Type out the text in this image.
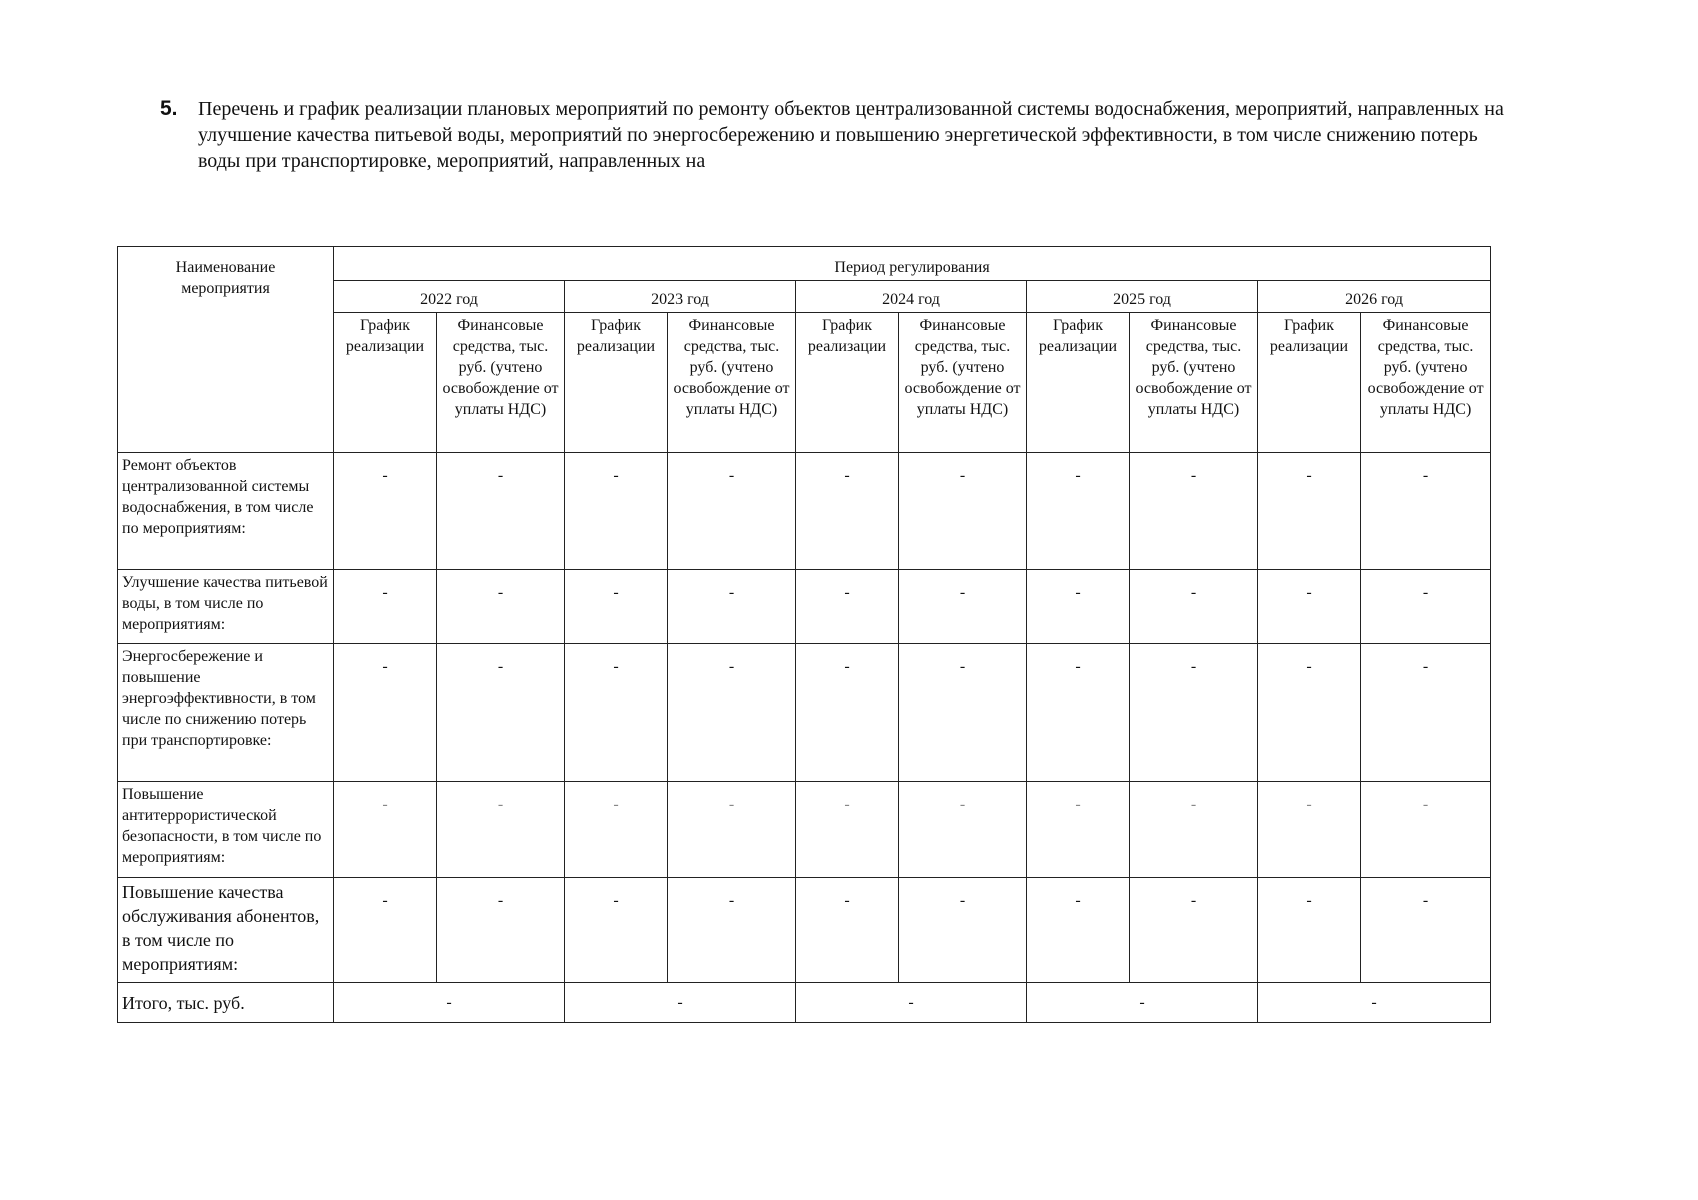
5.	Перечень и график реализации плановых мероприятий по ремонту объектов централизованной системы водоснабжения, мероприятий, направленных на улучшение качества питьевой воды, мероприятий по энергосбережению и повышению энергетической эффективности, в том числе снижению потерь воды при транспортировке, мероприятий, направленных на
Наименование мероприятия	Период регулирования									
	2022 год		2023 год		2024 год		2025 год		2026 год	
	График реализации	Финансовые средства, тыс. руб. (учтено освобождение от уплаты НДС)	График реализации	Финансовые средства, тыс. руб. (учтено освобождение от уплаты НДС)	График реализации	Финансовые средства, тыс. руб. (учтено освобождение от уплаты НДС)	График реализации	Финансовые средства, тыс. руб. (учтено освобождение от уплаты НДС)	График реализации	Финансовые средства, тыс. руб. (учтено освобождение от уплаты НДС)
Ремонт объектов централизованной системы водоснабжения, в том числе по мероприятиям:	-	-	-	-	-	-	-	-	-	-
Улучшение качества питьевой воды, в том числе по мероприятиям:	-	-	-	-	-	-	-	-	-	-
Энергосбережение и повышение энергоэффективности, в том числе по снижению потерь при транспортировке:	-	-	-	-	-	-	-	-	-	-
Повышение антитеррористической безопасности, в том числе по мероприятиям:	-	-	-	-	-	-	-	-	-	-
Повышение качества обслуживания абонентов, в том числе по мероприятиям:	-	-	-	-	-	-	-	-	-	-
Итого, тыс. руб.	-		-		-		-		-	
